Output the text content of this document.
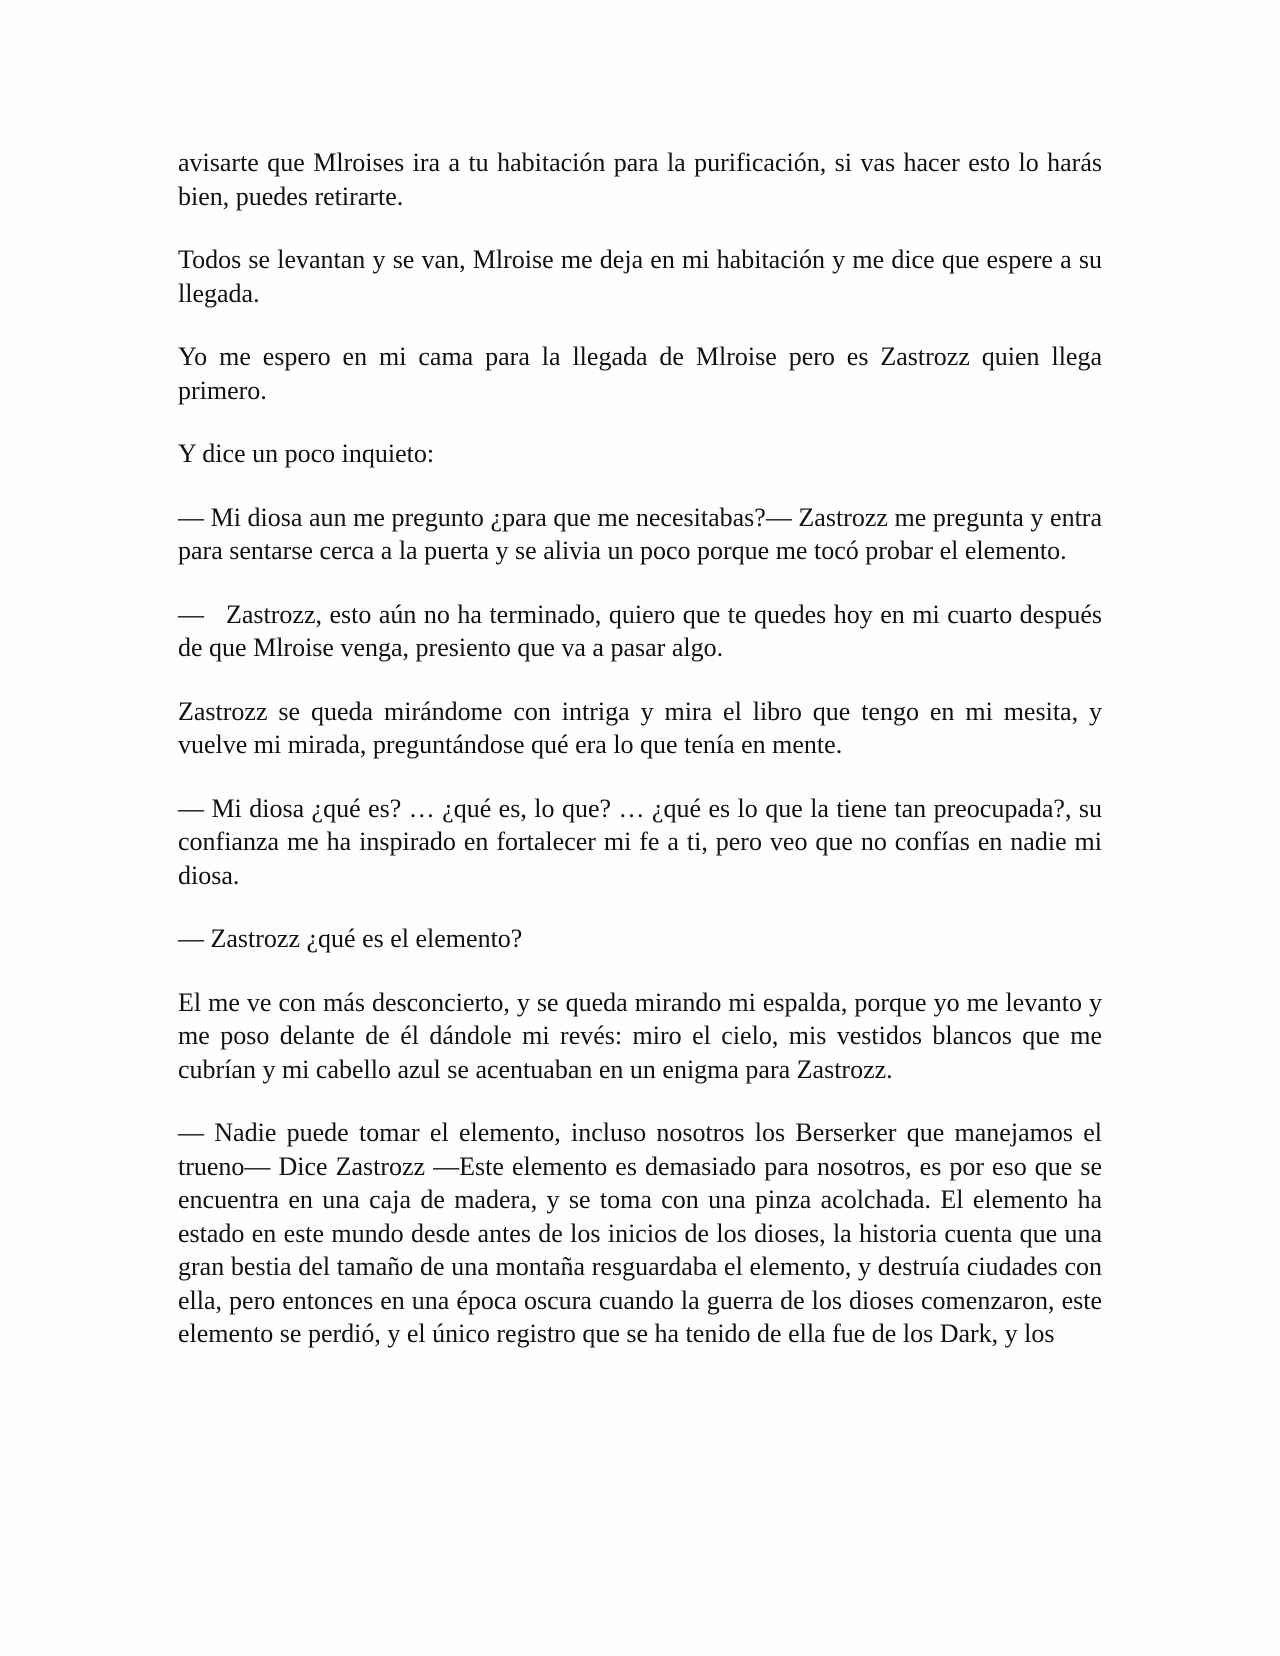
avisarte que Mlroises ira a tu habitación para la purificación, si vas hacer esto lo harás bien, puedes retirarte.

Todos se levantan y se van, Mlroise me deja en mi habitación y me dice que espere a su llegada.

Yo me espero en mi cama para la llegada de Mlroise pero es Zastrozz quien llega primero.

Y dice un poco inquieto:

— Mi diosa aun me pregunto ¿para que me necesitabas?— Zastrozz me pregunta y entra para sentarse cerca a la puerta y se alivia un poco porque me tocó probar el elemento.

— Zastrozz, esto aún no ha terminado, quiero que te quedes hoy en mi cuarto después de que Mlroise venga, presiento que va a pasar algo.

Zastrozz se queda mirándome con intriga y mira el libro que tengo en mi mesita, y vuelve mi mirada, preguntándose qué era lo que tenía en mente.

— Mi diosa ¿qué es? … ¿qué es, lo que? … ¿qué es lo que la tiene tan preocupada?, su confianza me ha inspirado en fortalecer mi fe a ti, pero veo que no confías en nadie mi diosa.

— Zastrozz ¿qué es el elemento?

El me ve con más desconcierto, y se queda mirando mi espalda, porque yo me levanto y me poso delante de él dándole mi revés: miro el cielo, mis vestidos blancos que me cubrían y mi cabello azul se acentuaban en un enigma para Zastrozz.

— Nadie puede tomar el elemento, incluso nosotros los Berserker que manejamos el trueno— Dice Zastrozz —Este elemento es demasiado para nosotros, es por eso que se encuentra en una caja de madera, y se toma con una pinza acolchada. El elemento ha estado en este mundo desde antes de los inicios de los dioses, la historia cuenta que una gran bestia del tamaño de una montaña resguardaba el elemento, y destruía ciudades con ella, pero entonces en una época oscura cuando la guerra de los dioses comenzaron, este elemento se perdió, y el único registro que se ha tenido de ella fue de los Dark, y los
